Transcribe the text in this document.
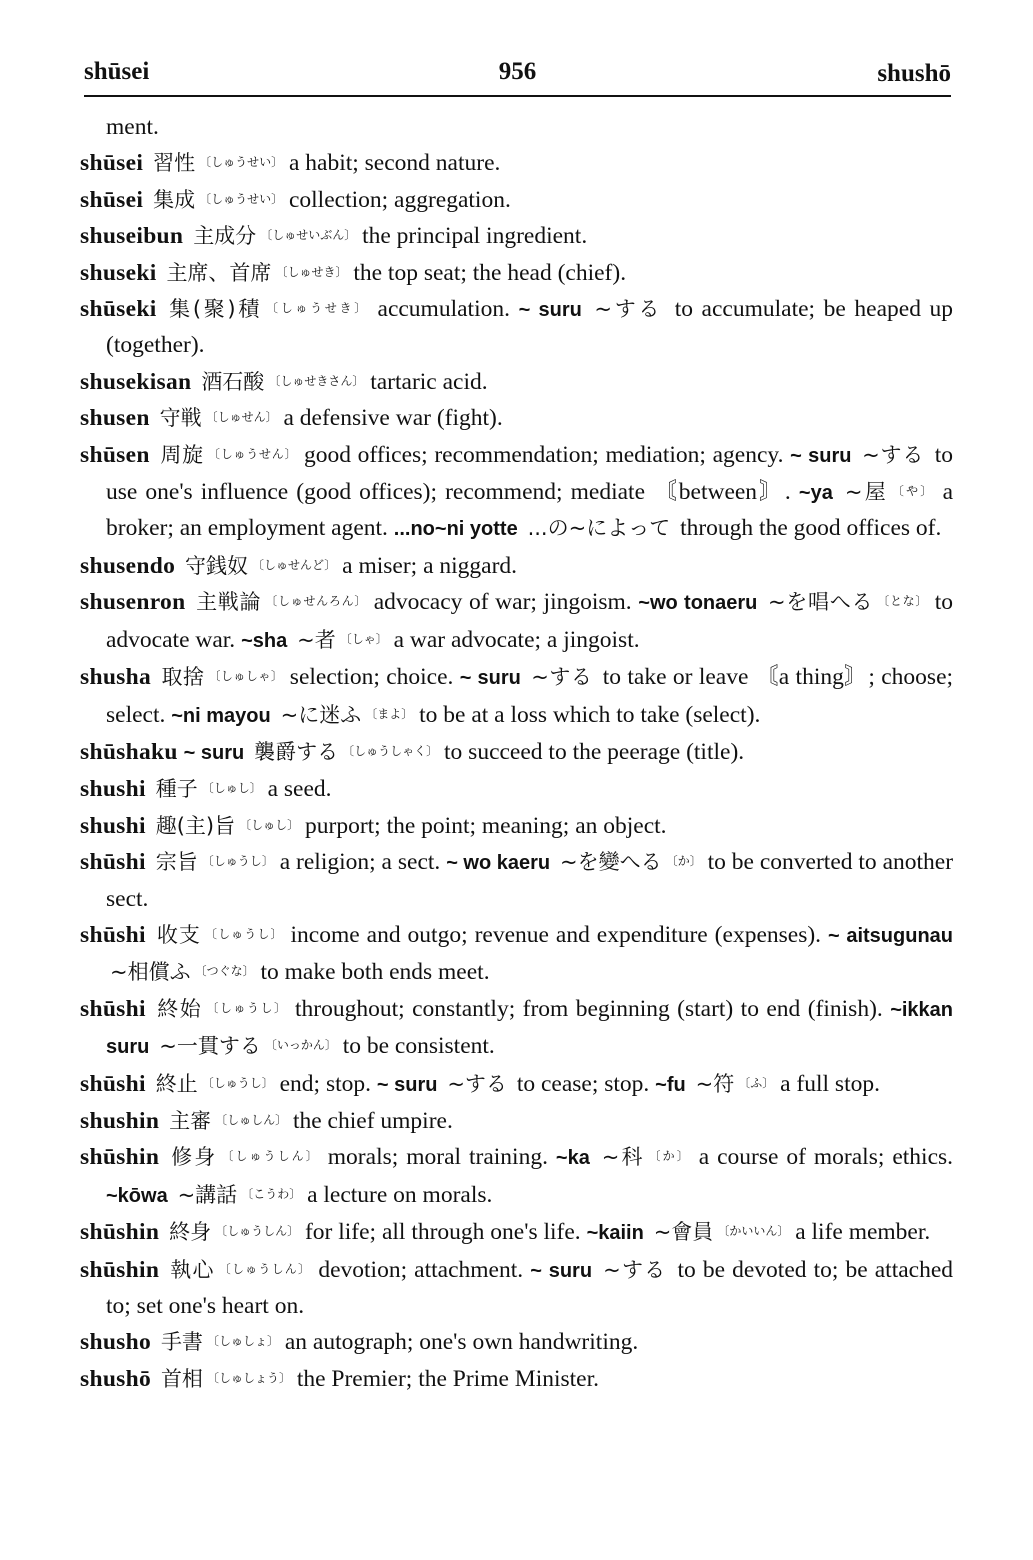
shūsei	956	shushō
ment.
shūsei 習性 〔しゅうせい〕 a habit; second nature.
shūsei 集成 〔しゅうせい〕 collection; aggregation.
shuseibun 主成分 〔しゅせいぶん〕 the principal ingredient.
shuseki 主席、首席 〔しゅせき〕 the top seat; the head (chief).
shūseki 集(聚)積 〔しゅうせき〕 accumulation. ~ suru ~する to accumulate; be heaped up (together).
shusekisan 酒石酸 〔しゅせきさん〕 tartaric acid.
shusen 守戦 〔しゅせん〕 a defensive war (fight).
shūsen 周旋 〔しゅうせん〕 good offices; recommendation; mediation; agency. ~ suru ~する to use one's influence (good offices); recommend; mediate 〘between〙. ~ya ~屋 〔や〕 a broker; an employment agent. ...no~ni yotte ...の~によって through the good offices of.
shusendo 守銭奴 〔しゅせんど〕 a miser; a niggard.
shusenron 主戦論 〔しゅせんろん〕 advocacy of war; jingoism. ~wo tonaeru ~を唱へる 〔とな〕 to advocate war. ~sha ~者 〔しゃ〕 a war advocate; a jingoist.
shusha 取捨 〔しゅしゃ〕 selection; choice. ~ suru ~する to take or leave 〘a thing〙; choose; select. ~ni mayou ~に迷ふ 〔まよ〕 to be at a loss which to take (select).
shūshaku ~ suru 襲爵する 〔しゅうしゃく〕 to succeed to the peerage (title).
shushi 種子 〔しゅし〕 a seed.
shushi 趣(主)旨 〔しゅし〕 purport; the point; meaning; an object.
shūshi 宗旨 〔しゅうし〕 a religion; a sect. ~ wo kaeru ~を變へる 〔か〕 to be converted to another sect.
shūshi 收支 〔しゅうし〕 income and outgo; revenue and expenditure (expenses). ~ aitsugunau ~相償ふ 〔つぐな〕 to make both ends meet.
shūshi 終始 〔しゅうし〕 throughout; constantly; from beginning (start) to end (finish). ~ikkan suru ~一貫する 〔いっかん〕 to be consistent.
shūshi 終止 〔しゅうし〕 end; stop. ~ suru ~する to cease; stop. ~fu ~符 〔ふ〕 a full stop.
shushin 主審 〔しゅしん〕 the chief umpire.
shūshin 修身 〔しゅうしん〕 morals; moral training. ~ka ~科 〔か〕 a course of morals; ethics. ~kōwa ~講話 〔こうわ〕 a lecture on morals.
shūshin 終身 〔しゅうしん〕 for life; all through one's life. ~kaiin ~會員 〔かいいん〕 a life member.
shūshin 執心 〔しゅうしん〕 devotion; attachment. ~ suru ~する to be devoted to; be attached to; set one's heart on.
shusho 手書 〔しゅしょ〕 an autograph; one's own handwriting.
shushō 首相 〔しゅしょう〕 the Premier; the Prime Minister.
